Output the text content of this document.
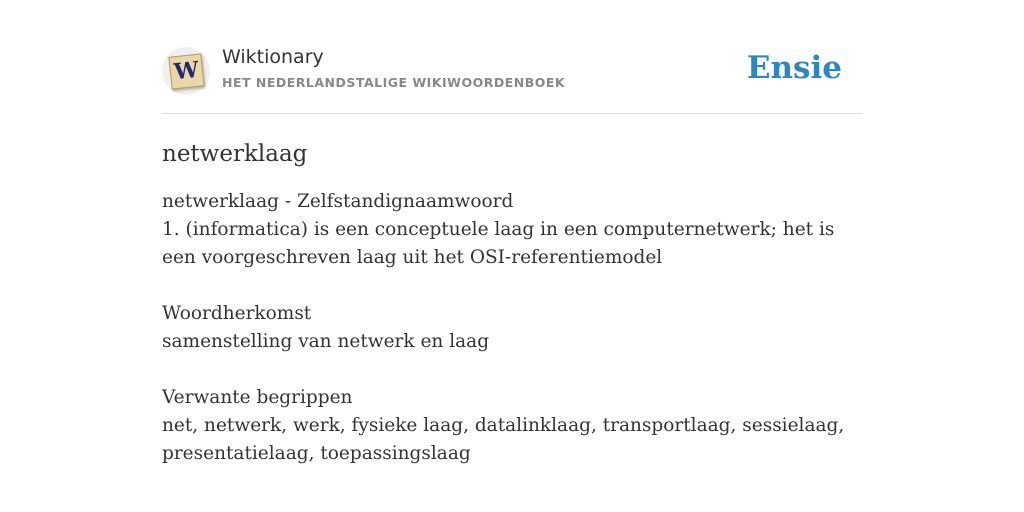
W Wiktionary
HET NEDERLANDSTALIGE WIKIWOORDENBOEK	Ensie
netwerklaag

netwerklaag - Zelfstandignaamwoord

1. (informatica) is een conceptuele laag in een computernetwerk; het is een voorgeschreven laag uit het OSI-referentiemodel

Woordherkomst

samenstelling van netwerk en laag

Verwante begrippen

net, netwerk, werk, fysieke laag, datalinklaag, transportlaag, sessielaag, presentatielaag, toepassingslaag
